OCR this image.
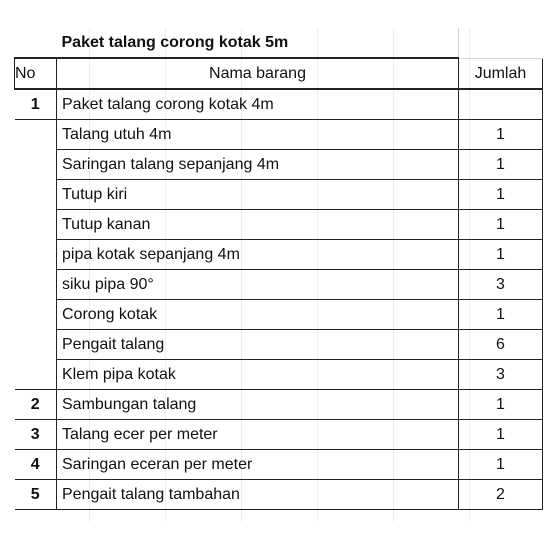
	Paket talang corong kotak 5m	
No	Nama barang	Jumlah
1	Paket talang corong kotak 4m	
	Talang utuh 4m	1
	Saringan talang sepanjang 4m	1
	Tutup kiri	1
	Tutup kanan	1
	pipa kotak sepanjang 4m	1
	siku pipa 90°	3
	Corong kotak	1
	Pengait talang	6
	Klem pipa kotak	3
2	Sambungan talang	1
3	Talang ecer per meter	1
4	Saringan eceran per meter	1
5	Pengait talang tambahan	2
